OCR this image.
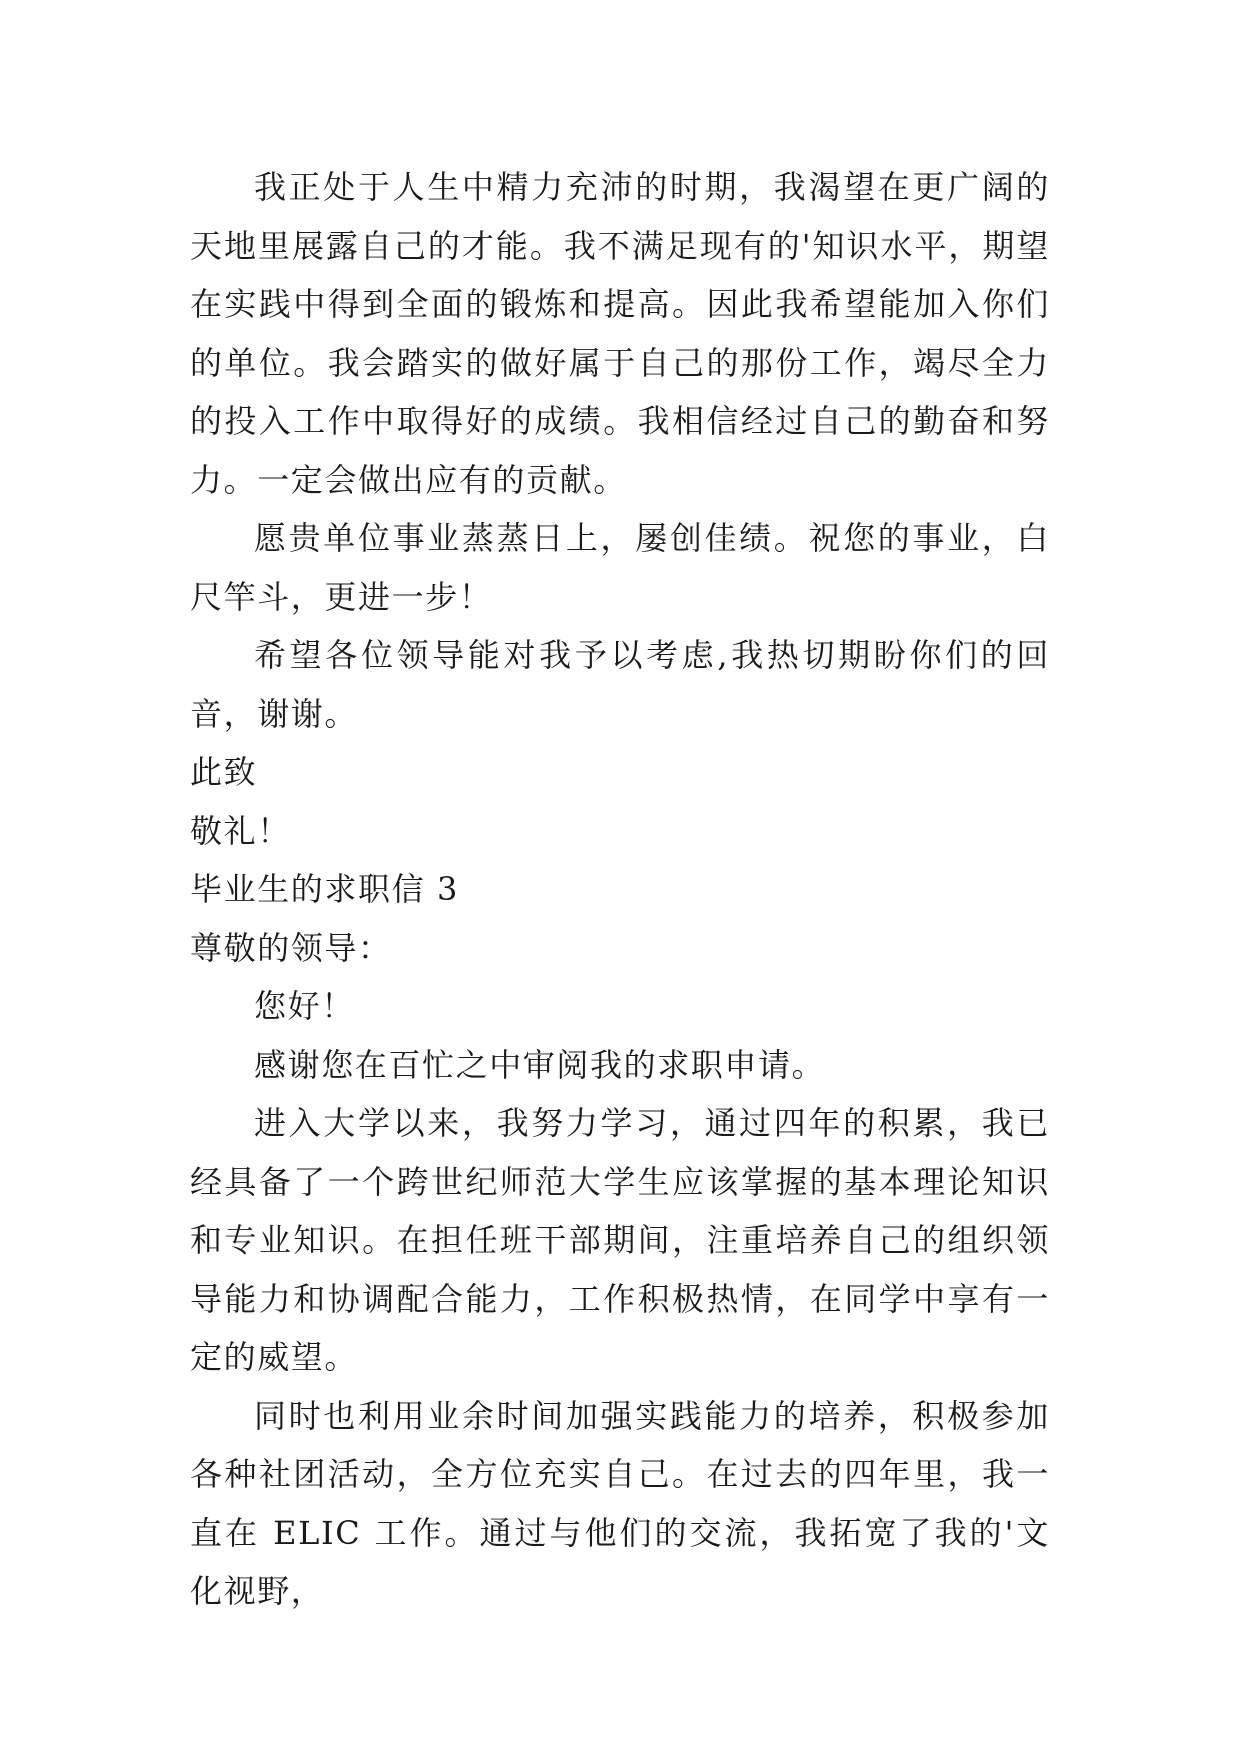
我正处于人生中精力充沛的时期，我渴望在更广阔的天地里展露自己的才能。我不满足现有的'知识水平，期望在实践中得到全面的锻炼和提高。因此我希望能加入你们的单位。我会踏实的做好属于自己的那份工作，竭尽全力的投入工作中取得好的成绩。我相信经过自己的勤奋和努力。一定会做出应有的贡献。

愿贵单位事业蒸蒸日上，屡创佳绩。祝您的事业，白尺竿斗，更进一步！

希望各位领导能对我予以考虑,我热切期盼你们的回音，谢谢。

此致

敬礼！

毕业生的求职信 3

尊敬的领导：

您好！

感谢您在百忙之中审阅我的求职申请。

进入大学以来，我努力学习，通过四年的积累，我已经具备了一个跨世纪师范大学生应该掌握的基本理论知识和专业知识。在担任班干部期间，注重培养自己的组织领导能力和协调配合能力，工作积极热情，在同学中享有一定的威望。

同时也利用业余时间加强实践能力的培养，积极参加各种社团活动，全方位充实自己。在过去的四年里，我一直在 ELIC 工作。通过与他们的交流，我拓宽了我的'文化视野，
